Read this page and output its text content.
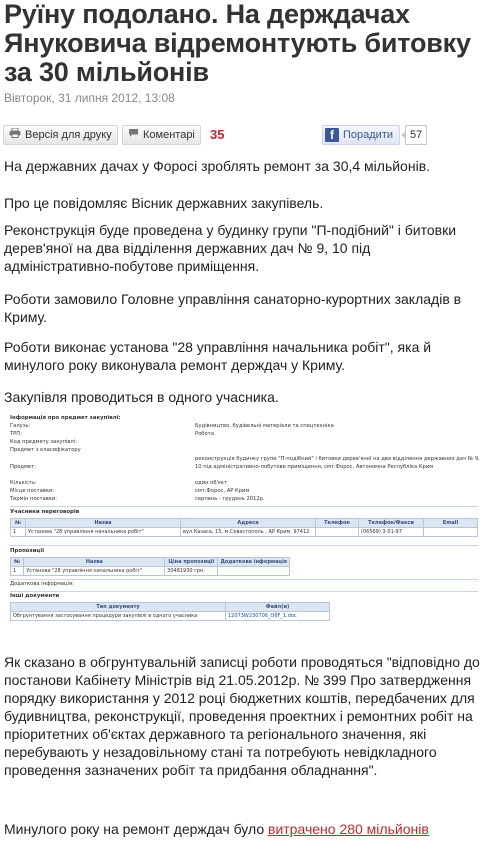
Руїну подолано. На держдачах Януковича відремонтують битовку за 30 мільйонів
Вівторок, 31 липня 2012, 13:08
Версія для друку	Коментарі	35	f Порадити	57

На державних дачах у Форосі зроблять ремонт за 30,4 мільйонів.

Про це повідомляє Вісник державних закупівель.

Реконструкція буде проведена у будинку групи "П-подібний" і битовки дерев'яної на два відділення державних дач № 9, 10 під адміністративно-побутове приміщення.

Роботи замовило Головне управління санаторно-курортних закладів в Криму.

Роботи виконає установа "28 управління начальника робіт", яка й минулого року виконувала ремонт держдач у Криму.

Закупівля проводиться в одного учасника.

Інформація про предмет закупівлі:
Галузь:	Будівництво, будівельні матеріали та спецтехніка
ТРП:	Робота
Код предмету закупівлі:
Предмет з класифікатору
Предмет:
реконструкція будинку групи "П-подібний" і битовки дерев'яної на два відділення державних дач № 9, 10 під адміністративно-побутове приміщення, смт.Форос, Автономна Республіка Крим
Кількість:	один об'єкт
Місце поставки:	смт.Форос, АР Крим
Термін поставки:	серпень - грудень 2012р.
Учасники переговорів
№	Назва	Адреса	Телефон	Телефон/Факси	Email
1	Установа "28 управління начальника робіт"	вул.Казаса, 15, м.Севастополь , АР Крим, 97412		(06569) 3-01-97	
Пропозиції
№	Назва	Ціна пропозиції	Додаткова інформація
1	Установа "28 управління начальника робіт"	30481930 грн.	
Додаткова інформація:
Інші документи
Тип документу	Файл(и)
Обгрунтування застосування процедури закупівлі в одного учасника	12073W230706_O6F_1.doc

Як сказано в обгрунтувальній записці роботи проводяться "відповідно до постанови Кабінету Міністрів від 21.05.2012р. № 399 Про затвердження порядку використання у 2012 році бюджетних коштів, передбачених для будивництва, реконструкції, проведення проектних і ремонтних робіт на пріоритетних об'єктах державного та регіонального значення, які перебувають у незадовільному стані та потребують невідкладного проведення зазначених робіт та придбання обладнання".

Минулого року на ремонт держдач було витрачено 280 мільйонів
